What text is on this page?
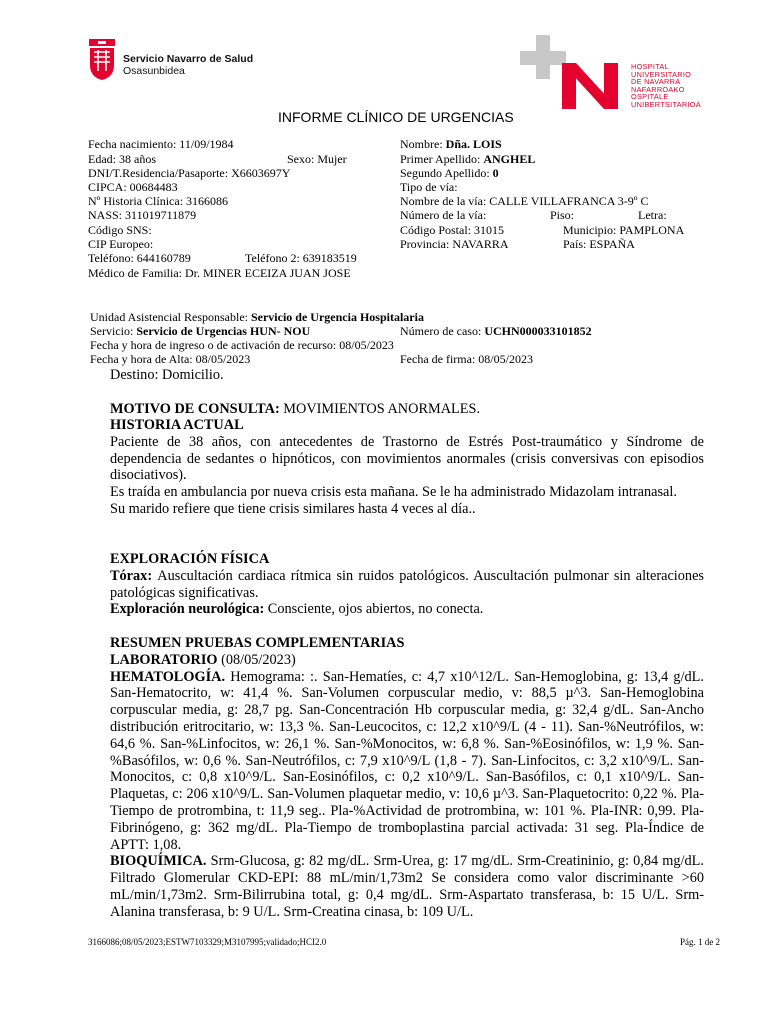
Servicio Navarro de Salud
Osasunbidea	HOSPITAL
UNIVERSITARIO
DE NAVARRA
NAFARROAKO
OSPITALE
UNIBERTSITARIOA
INFORME CLÍNICO DE URGENCIAS
Fecha nacimiento: 11/09/1984
Edad: 38 años	Sexo: Mujer
DNI/T.Residencia/Pasaporte: X6603697Y
CIPCA: 00684483
Nº Historia Clínica: 3166086
NASS: 311019711879
Código SNS:
CIP Europeo:
Teléfono: 644160789	Teléfono 2: 639183519
Médico de Familia: Dr. MINER ECEIZA JUAN JOSE
Nombre: Dña. LOIS
Primer Apellido: ANGHEL
Segundo Apellido: 0
Tipo de vía:
Nombre de la vía: CALLE VILLAFRANCA 3-9º C
Número de la vía:	Piso:	Letra:
Código Postal: 31015	Municipio: PAMPLONA
Provincia: NAVARRA	País: ESPAÑA
Unidad Asistencial Responsable: Servicio de Urgencia Hospitalaria
Servicio: Servicio de Urgencias HUN- NOU	Número de caso: UCHN000033101852
Fecha y hora de ingreso o de activación de recurso: 08/05/2023
Fecha y hora de Alta: 08/05/2023	Fecha de firma: 08/05/2023
Destino: Domicilio.
MOTIVO DE CONSULTA: MOVIMIENTOS ANORMALES.
HISTORIA ACTUAL

Paciente de 38 años, con antecedentes de Trastorno de Estrés Post-traumático y Síndrome de dependencia de sedantes o hipnóticos, con movimientos anormales (crisis conversivas con episodios disociativos).

Es traída en ambulancia por nueva crisis esta mañana. Se le ha administrado Midazolam intranasal.

Su marido refiere que tiene crisis similares hasta 4 veces al día..

EXPLORACIÓN FÍSICA

Tórax: Auscultación cardiaca rítmica sin ruidos patológicos. Auscultación pulmonar sin alteraciones patológicas significativas.

Exploración neurológica: Consciente, ojos abiertos, no conecta.

RESUMEN PRUEBAS COMPLEMENTARIAS
LABORATORIO (08/05/2023)

HEMATOLOGÍA. Hemograma: :. San-Hematíes, c: 4,7 x10^12/L. San-Hemoglobina, g: 13,4 g/dL. San-Hematocrito, w: 41,4 %. San-Volumen corpuscular medio, v: 88,5 µ^3. San-Hemoglobina corpuscular media, g: 28,7 pg. San-Concentración Hb corpuscular media, g: 32,4 g/dL. San-Ancho distribución eritrocitario, w: 13,3 %. San-Leucocitos, c: 12,2 x10^9/L (4 - 11). San-%Neutrófilos, w: 64,6 %. San-%Linfocitos, w: 26,1 %. San-%Monocitos, w: 6,8 %. San-%Eosinófilos, w: 1,9 %. San-%Basófilos, w: 0,6 %. San-Neutrófilos, c: 7,9 x10^9/L (1,8 - 7). San-Linfocitos, c: 3,2 x10^9/L. San-Monocitos, c: 0,8 x10^9/L. San-Eosinófilos, c: 0,2 x10^9/L. San-Basófilos, c: 0,1 x10^9/L. San-Plaquetas, c: 206 x10^9/L. San-Volumen plaquetar medio, v: 10,6 µ^3. San-Plaquetocrito: 0,22 %. Pla-Tiempo de protrombina, t: 11,9 seg.. Pla-%Actividad de protrombina, w: 101 %. Pla-INR: 0,99. Pla-Fibrinógeno, g: 362 mg/dL. Pla-Tiempo de tromboplastina parcial activada: 31 seg. Pla-Índice de APTT: 1,08.

BIOQUÍMICA. Srm-Glucosa, g: 82 mg/dL. Srm-Urea, g: 17 mg/dL. Srm-Creatininio, g: 0,84 mg/dL. Filtrado Glomerular CKD-EPI: 88 mL/min/1,73m2 Se considera como valor discriminante >60 mL/min/1,73m2. Srm-Bilirrubina total, g: 0,4 mg/dL. Srm-Aspartato transferasa, b: 15 U/L. Srm-Alanina transferasa, b: 9 U/L. Srm-Creatina cinasa, b: 109 U/L.

3166086;08/05/2023;ESTW7103329;M3107995;validado;HCI2.0	Pág. 1 de 2
